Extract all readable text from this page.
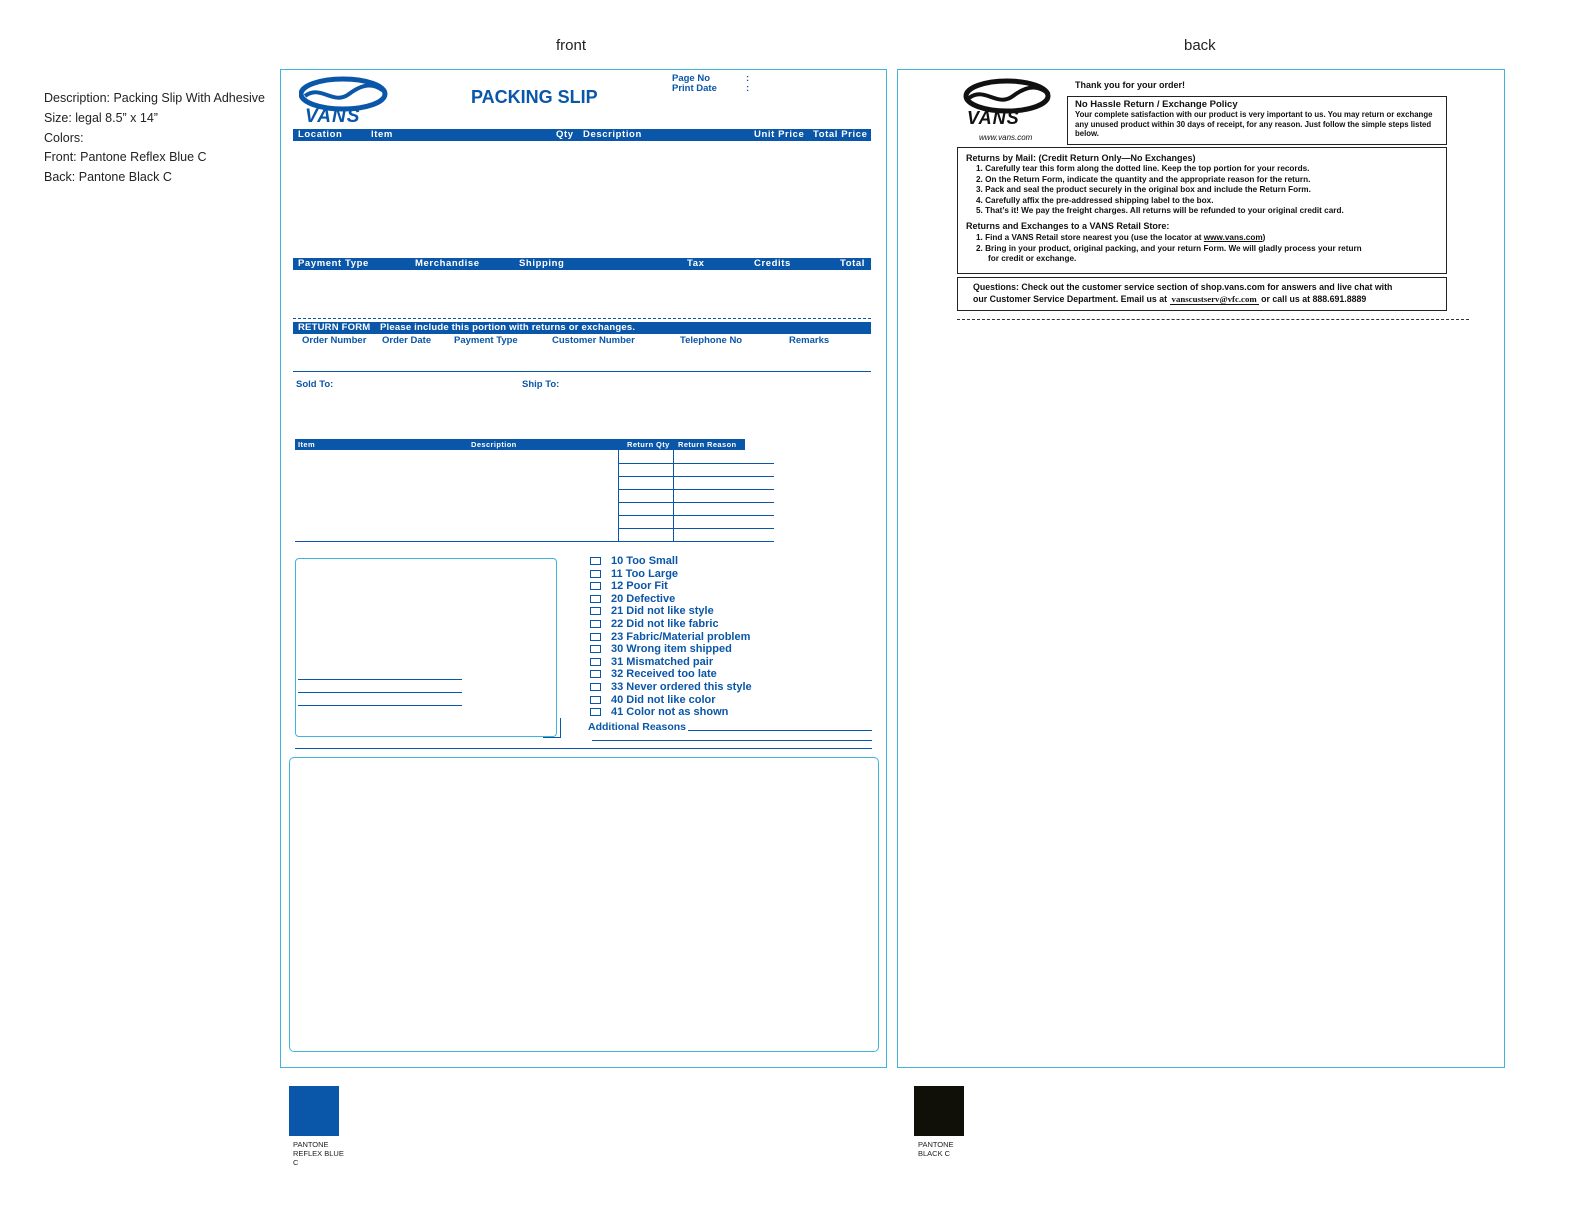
Description: Packing Slip With Adhesive
Size: legal 8.5” x 14”
Colors:
Front: Pantone Reflex Blue C
Back: Pantone Black C
front	back
VANS
PACKING SLIP
Page No
Print Date
:
:
Location	Item	Qty Description	Unit Price Total Price
Payment Type	Merchandise	Shipping	Tax	Credits	Total
RETURN FORM Please include this portion with returns or exchanges.
Order Number Order Date Payment Type	Customer Number	Telephone No	Remarks
Sold To:	Ship To:
Item	Description	Return Qty Return Reason
10 Too Small
11 Too Large
12 Poor Fit
20 Defective
21 Did not like style
22 Did not like fabric
23 Fabric/Material problem
30 Wrong item shipped
31 Mismatched pair
32 Received too late
33 Never ordered this style
40 Did not like color
41 Color not as shown
Additional Reasons
VANS
www.vans.com
Thank you for your order!
No Hassle Return / Exchange Policy
Your complete satisfaction with our product is very important to us. You may return or exchange any unused product within 30 days of receipt, for any reason. Just follow the simple steps listed below.
Returns by Mail: (Credit Return Only—No Exchanges)
1. Carefully tear this form along the dotted line. Keep the top portion for your records.
2. On the Return Form, indicate the quantity and the appropriate reason for the return.
3. Pack and seal the product securely in the original box and include the Return Form.
4. Carefully affix the pre-addressed shipping label to the box.
5. That’s it! We pay the freight charges. All returns will be refunded to your original credit card.
Returns and Exchanges to a VANS Retail Store:
1. Find a VANS Retail store nearest you (use the locator at www.vans.com)
2. Bring in your product, original packing, and your return Form. We will gladly process your return
for credit or exchange.
Questions: Check out the customer service section of shop.vans.com for answers and live chat with
our Customer Service Department. Email us at vanscustserv@vfc.com or call us at 888.691.8889
PANTONE
REFLEX BLUE
C
PANTONE
BLACK C
